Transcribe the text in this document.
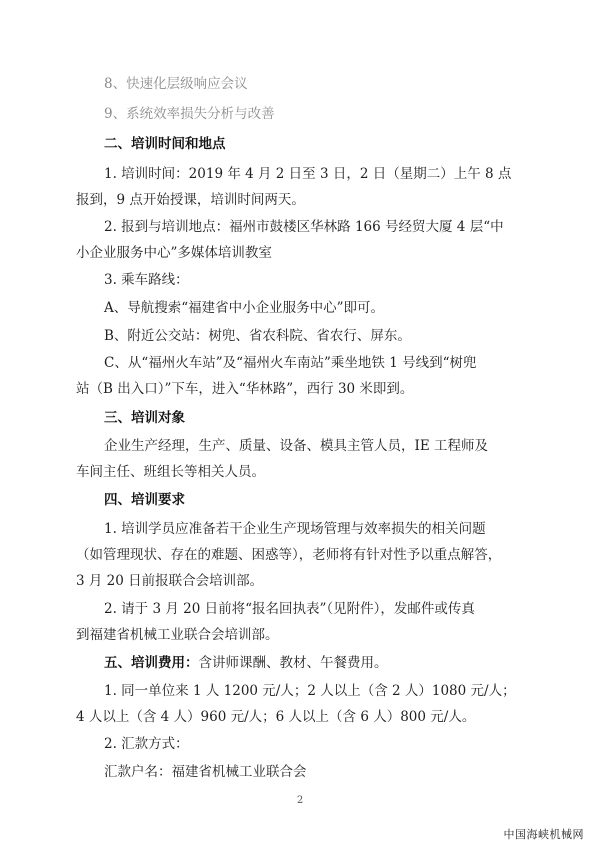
8、快速化层级响应会议
9、系统效率损失分析与改善
二、培训时间和地点
1. 培训时间：2019 年 4 月 2 日至 3 日，2 日（星期二）上午 8 点
报到，9 点开始授课，培训时间两天。
2. 报到与培训地点：福州市鼓楼区华林路 166 号经贸大厦 4 层“中
小企业服务中心”多媒体培训教室
3. 乘车路线：
A、导航搜索“福建省中小企业服务中心”即可。
B、附近公交站：树兜、省农科院、省农行、屏东。
C、从“福州火车站”及“福州火车南站”乘坐地铁 1 号线到“树兜
站（B 出入口）”下车，进入“华林路”，西行 30 米即到。
三、培训对象
企业生产经理，生产、质量、设备、模具主管人员，IE 工程师及
车间主任、班组长等相关人员。
四、培训要求
1. 培训学员应准备若干企业生产现场管理与效率损失的相关问题
（如管理现状、存在的难题、困惑等），老师将有针对性予以重点解答，
3 月 20 日前报联合会培训部。
2. 请于 3 月 20 日前将“报名回执表”（见附件），发邮件或传真
到福建省机械工业联合会培训部。
五、培训费用：含讲师课酬、教材、午餐费用。
1. 同一单位来 1 人 1200 元/人；2 人以上（含 2 人）1080 元/人；
4 人以上（含 4 人）960 元/人；6 人以上（含 6 人）800 元/人。
2. 汇款方式：
汇款户名：福建省机械工业联合会
2
中国海峡机械网
